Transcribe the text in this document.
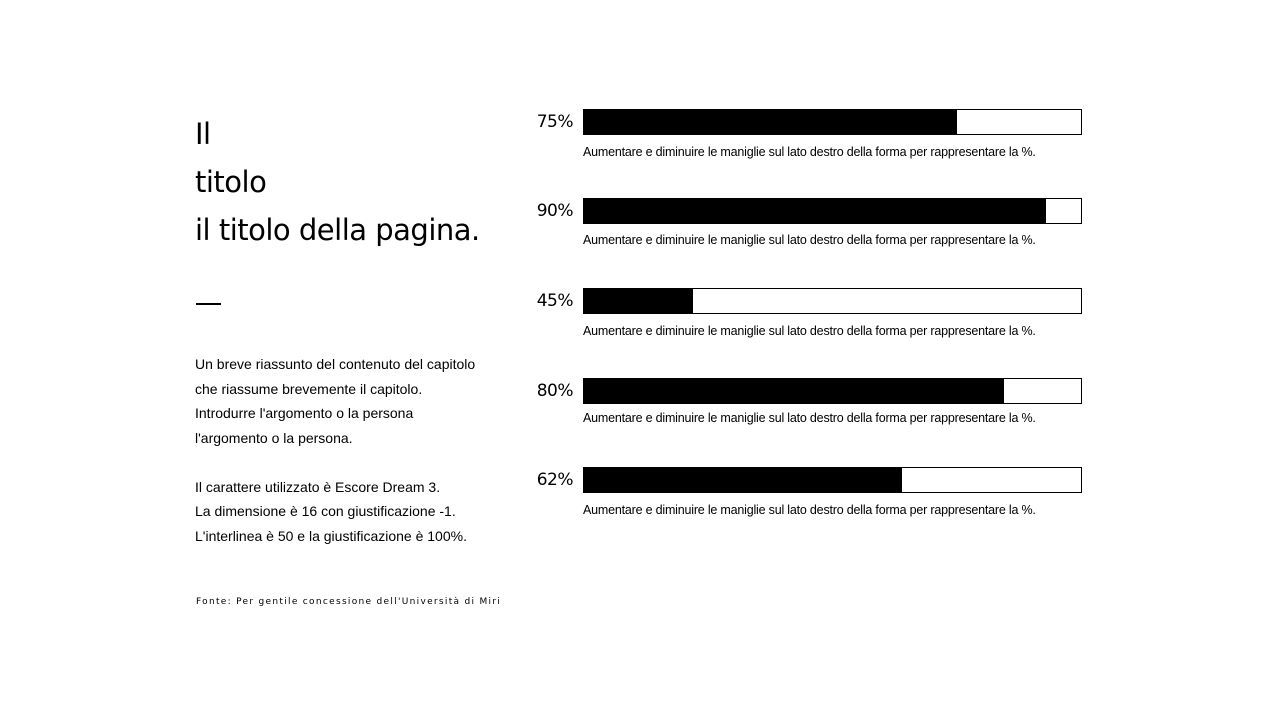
Il
titolo
il titolo della pagina.

Un breve riassunto del contenuto del capitolo

che riassume brevemente il capitolo.

Introdurre l'argomento o la persona

l'argomento o la persona.

Il carattere utilizzato è Escore Dream 3.

La dimensione è 16 con giustificazione -1.

L'interlinea è 50 e la giustificazione è 100%.

Fonte: Per gentile concessione dell'Università di Miri
75%
Aumentare e diminuire le maniglie sul lato destro della forma per rappresentare la %.
90%
Aumentare e diminuire le maniglie sul lato destro della forma per rappresentare la %.
45%
Aumentare e diminuire le maniglie sul lato destro della forma per rappresentare la %.
80%
Aumentare e diminuire le maniglie sul lato destro della forma per rappresentare la %.
62%
Aumentare e diminuire le maniglie sul lato destro della forma per rappresentare la %.
